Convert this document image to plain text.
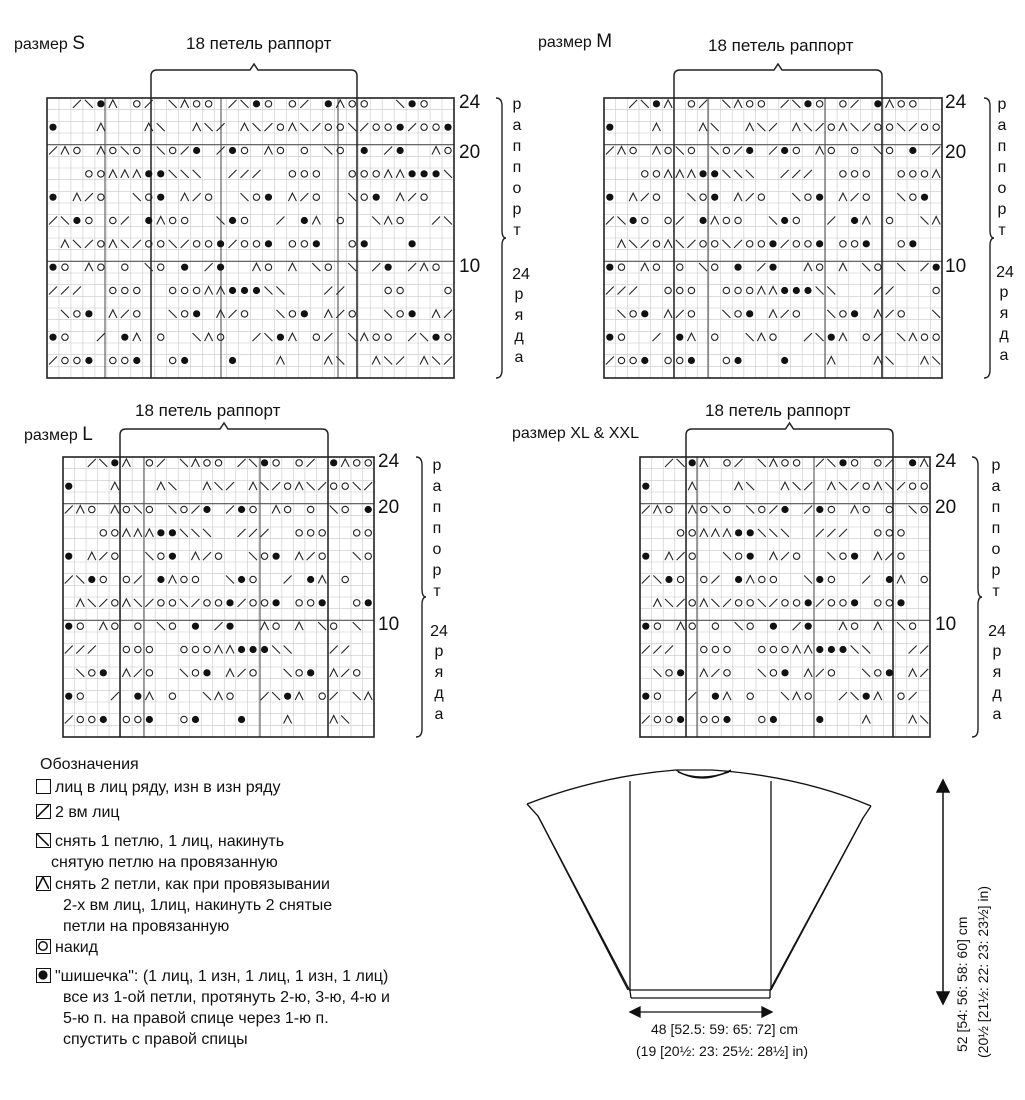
размер S	18 петель раппорт
24
20
10
р
а
п
п
о
р
т
24
р
я
д
а
размер M	18 петель раппорт
24
20
10
р
а
п
п
о
р
т
24
р
я
д
а
размер L
18 петель раппорт
24
20
10
р
а
п
п
о
р
т
24
р
я
д
а
размер XL & XXL
18 петель раппорт
24
20
10
р
а
п
п
о
р
т
24
р
я
д
а
Обозначения
лиц в лиц ряду, изн в изн ряду
2 вм лиц
снять 1 петлю, 1 лиц, накинуть
снятую петлю на провязанную
снять 2 петли, как при провязывании
2-х вм лиц, 1лиц, накинуть 2 снятые
петли на провязанную
накид
"шишечка": (1 лиц, 1 изн, 1 лиц, 1 изн, 1 лиц)
все из 1-ой петли, протянуть 2-ю, 3-ю, 4-ю и
5-ю п. на правой спице через 1-ю п.
спустить с правой спицы	52 [54: 56: 58: 60] cm (20½ [21½: 22: 23: 23½] in)
48 [52.5: 59: 65: 72] cm
(19 [20½: 23: 25½: 28½] in)
